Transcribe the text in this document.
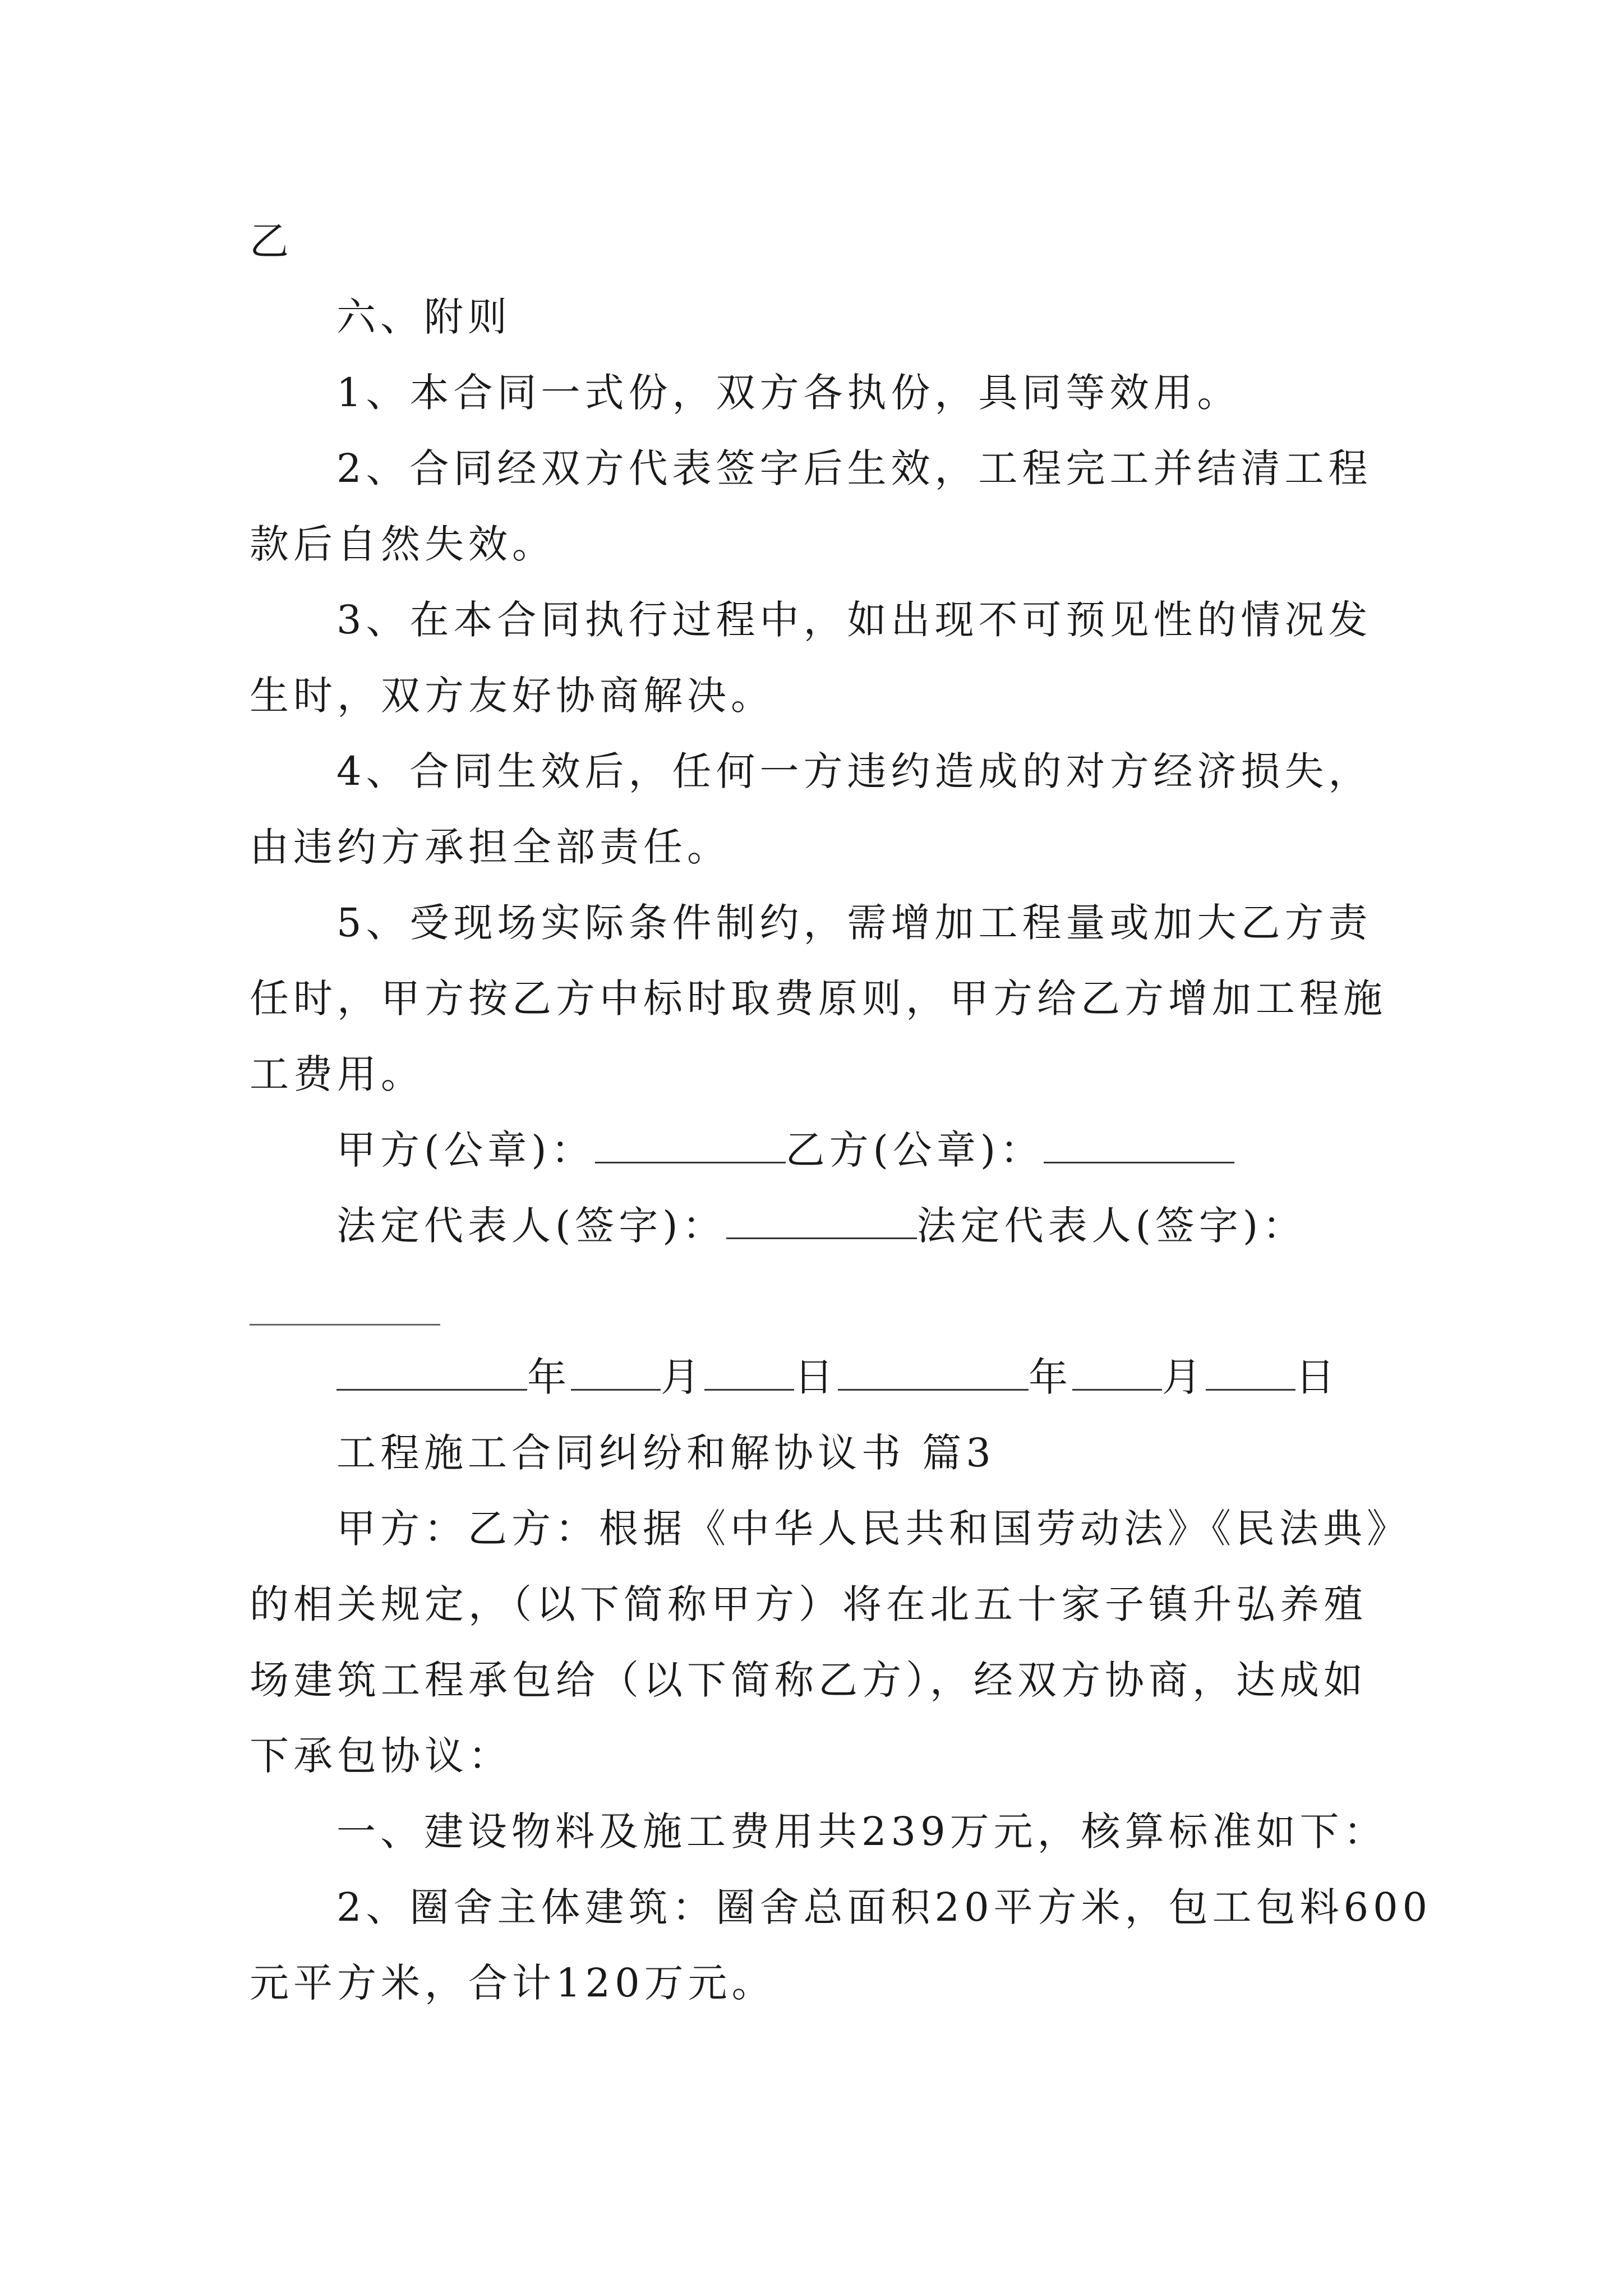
乙
六、附则
1、本合同一式份，双方各执份，具同等效用。
2、合同经双方代表签字后生效，工程完工并结清工程
款后自然失效。
3、在本合同执行过程中，如出现不可预见性的情况发
生时，双方友好协商解决。
4、合同生效后，任何一方违约造成的对方经济损失，
由违约方承担全部责任。
5、受现场实际条件制约，需增加工程量或加大乙方责
任时，甲方按乙方中标时取费原则，甲方给乙方增加工程施
工费用。
甲方(公章)：	乙方(公章)：
法定代表人(签字)：	法定代表人(签字)：
年 月 日	年 月 日
工程施工合同纠纷和解协议书 篇3
甲方：乙方：根据《中华人民共和国劳动法》《民法典》
的相关规定，（以下简称甲方）将在北五十家子镇升弘养殖
场建筑工程承包给（以下简称乙方），经双方协商，达成如
下承包协议：
一、建设物料及施工费用共239万元，核算标准如下：
2、圈舍主体建筑：圈舍总面积20平方米，包工包料600
元平方米，合计120万元。
